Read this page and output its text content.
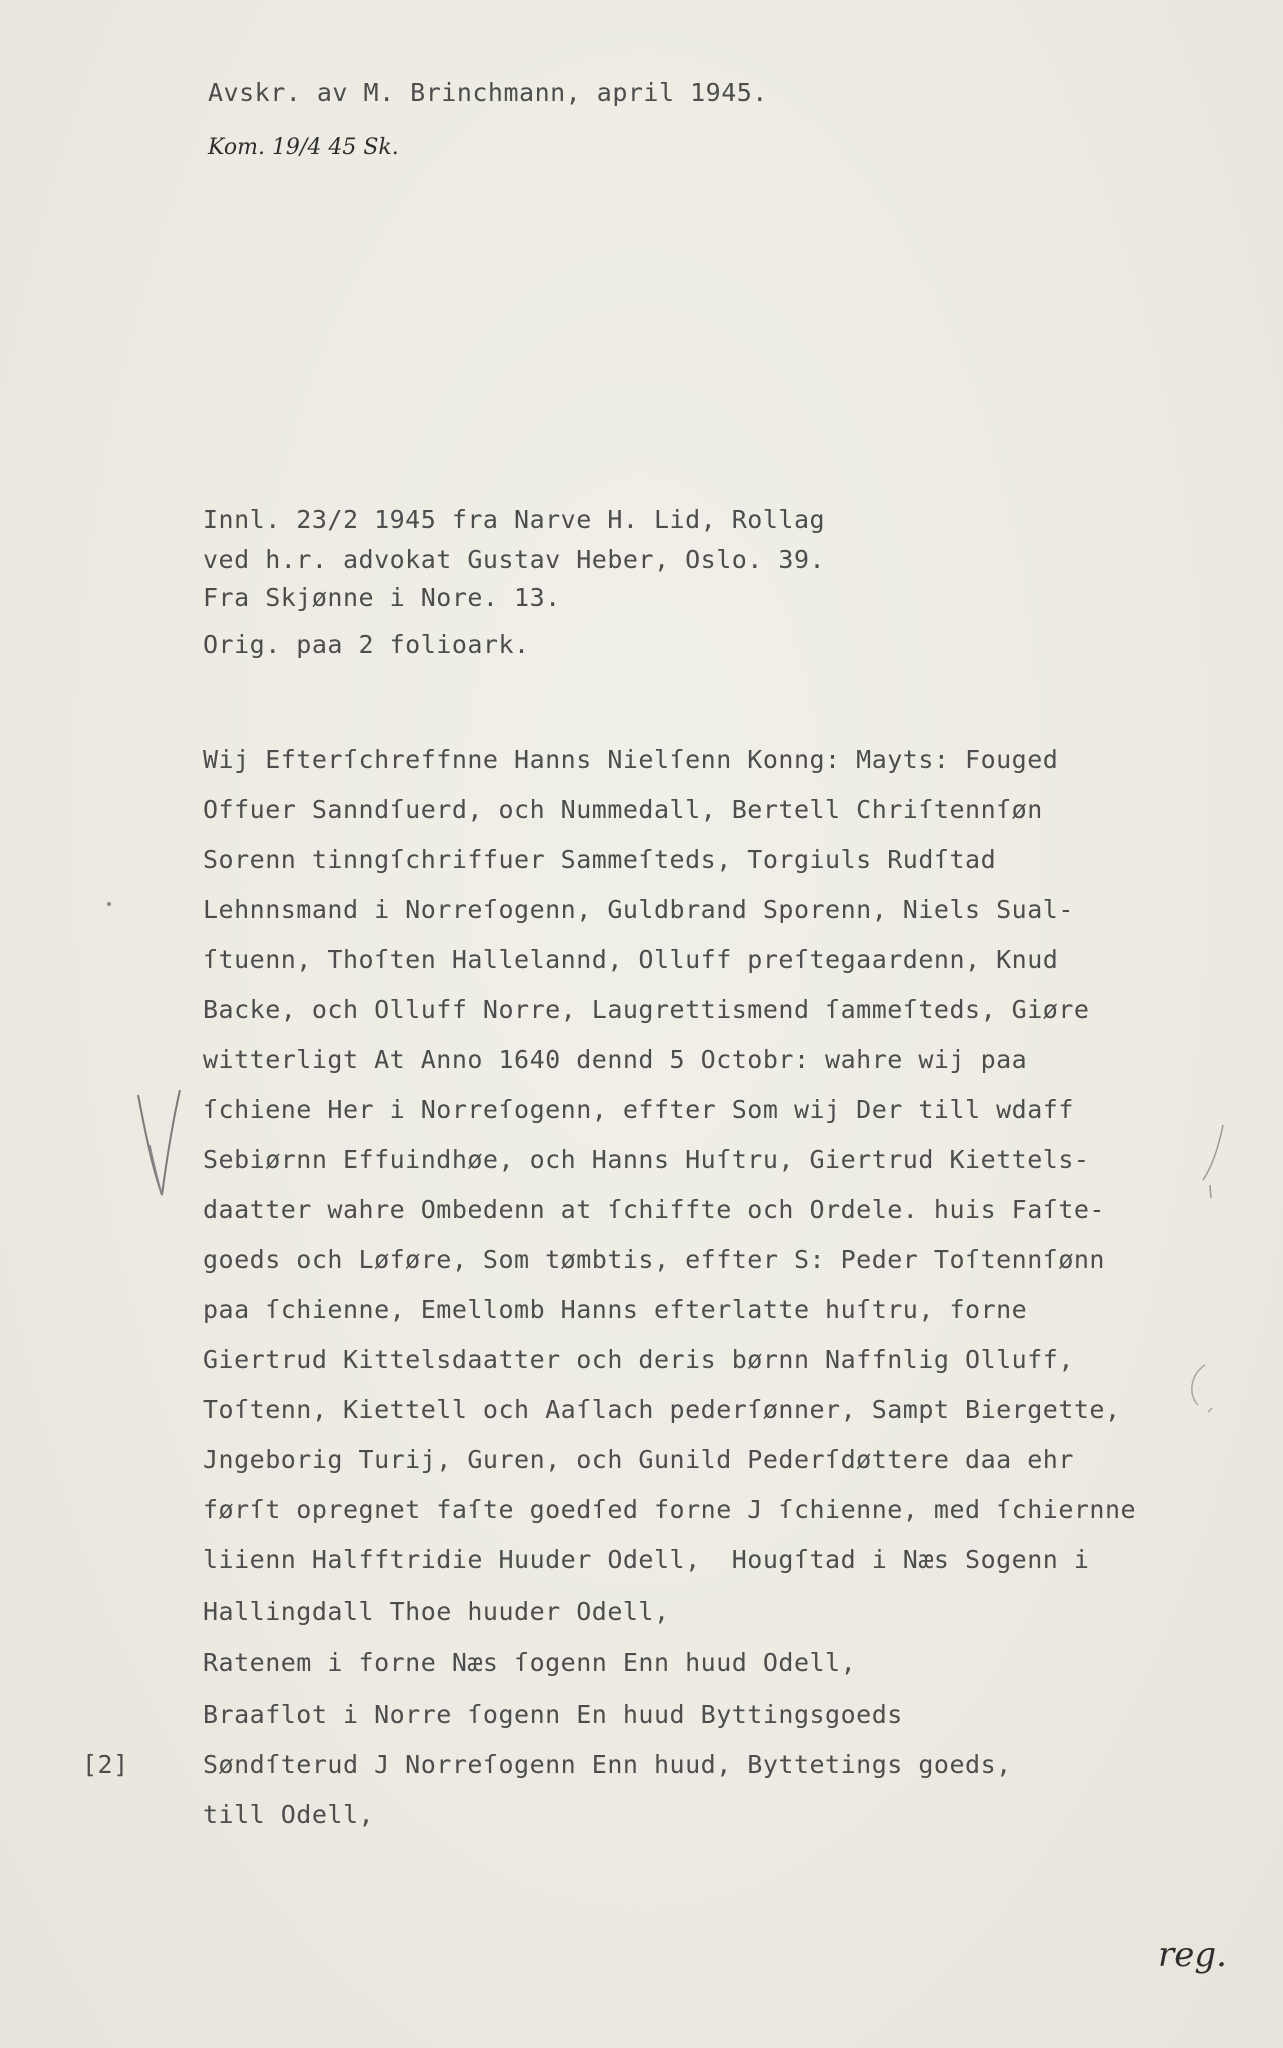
Avskr. av M. Brinchmann, april 1945.
Kom. 19/4 45 Sk.
Innl. 23/2 1945 fra Narve H. Lid, Rollag
ved h.r. advokat Gustav Heber, Oslo. 39.
Fra Skjønne i Nore. 13.
Orig. paa 2 folioark.
Wij Efterſchreffnne Hanns Nielſenn Konng: Mayts: Fouged
Offuer Sanndſuerd, och Nummedall, Bertell Chriſtennſøn
Sorenn tinngſchriffuer Sammeſteds, Torgiuls Rudſtad
Lehnnsmand i Norreſogenn, Guldbrand Sporenn, Niels Sual-
ſtuenn, Thoſten Hallelannd, Olluff preſtegaardenn, Knud
Backe, och Olluff Norre, Laugrettismend ſammeſteds, Giøre
witterligt At Anno 1640 dennd 5 Octobr: wahre wij paa
ſchiene Her i Norreſogenn, effter Som wij Der till wdaff
Sebiørnn Effuindhøe, och Hanns Huſtru, Giertrud Kiettels-
daatter wahre Ombedenn at ſchiffte och Ordele. huis Faſte-
goeds och Løføre, Som tømbtis, effter S: Peder Toſtennſønn
paa ſchienne, Emellomb Hanns efterlatte huſtru, forne
Giertrud Kittelsdaatter och deris børnn Naffnlig Olluff,
Toſtenn, Kiettell och Aaſlach pederſønner, Sampt Biergette,
Jngeborig Turij, Guren, och Gunild Pederſdøttere daa ehr
førſt opregnet faſte goedſed forne J ſchienne, med ſchiernne
liienn Halfftridie Huuder Odell,  Hougſtad i Næs Sogenn i
Hallingdall Thoe huuder Odell,
Ratenem i forne Næs ſogenn Enn huud Odell,
Braaflot i Norre ſogenn En huud Byttingsgoeds
Søndſterud J Norreſogenn Enn huud, Byttetings goeds,
till Odell,
[2]
reg.
